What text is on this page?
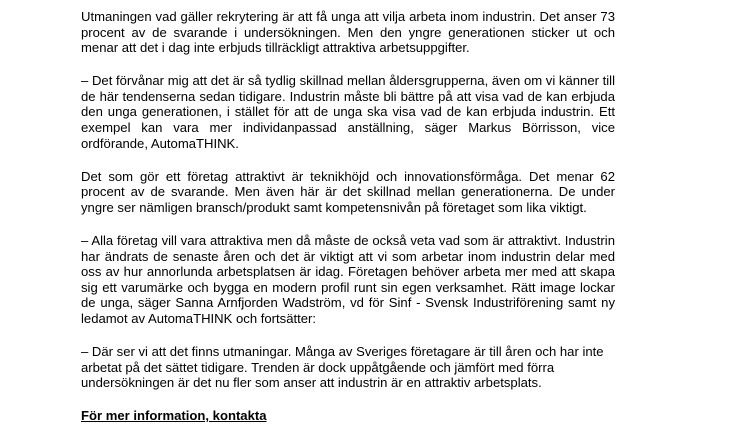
Utmaningen vad gäller rekrytering är att få unga att vilja arbeta inom industrin. Det anser 73 procent av de svarande i undersökningen. Men den yngre generationen sticker ut och menar att det i dag inte erbjuds tillräckligt attraktiva arbetsuppgifter.

– Det förvånar mig att det är så tydlig skillnad mellan åldersgrupperna, även om vi känner till de här tendenserna sedan tidigare. Industrin måste bli bättre på att visa vad de kan erbjuda den unga generationen, i stället för att de unga ska visa vad de kan erbjuda industrin. Ett exempel kan vara mer individanpassad anställning, säger Markus Börrisson, vice ordförande, AutomaTHINK.

Det som gör ett företag attraktivt är teknikhöjd och innovationsförmåga. Det menar 62 procent av de svarande. Men även här är det skillnad mellan generationerna. De under yngre ser nämligen bransch/produkt samt kompetensnivån på företaget som lika viktigt.

– Alla företag vill vara attraktiva men då måste de också veta vad som är attraktivt. Industrin har ändrats de senaste åren och det är viktigt att vi som arbetar inom industrin delar med oss av hur annorlunda arbetsplatsen är idag. Företagen behöver arbeta mer med att skapa sig ett varumärke och bygga en modern profil runt sin egen verksamhet. Rätt image lockar de unga, säger Sanna Arnfjorden Wadström, vd för Sinf - Svensk Industriförening samt ny ledamot av AutomaTHINK och fortsätter:

– Där ser vi att det finns utmaningar. Många av Sveriges företagare är till åren och har inte arbetat på det sättet tidigare. Trenden är dock uppåtgående och jämfört med förra undersökningen är det nu fler som anser att industrin är en attraktiv arbetsplats.

För mer information, kontakta
